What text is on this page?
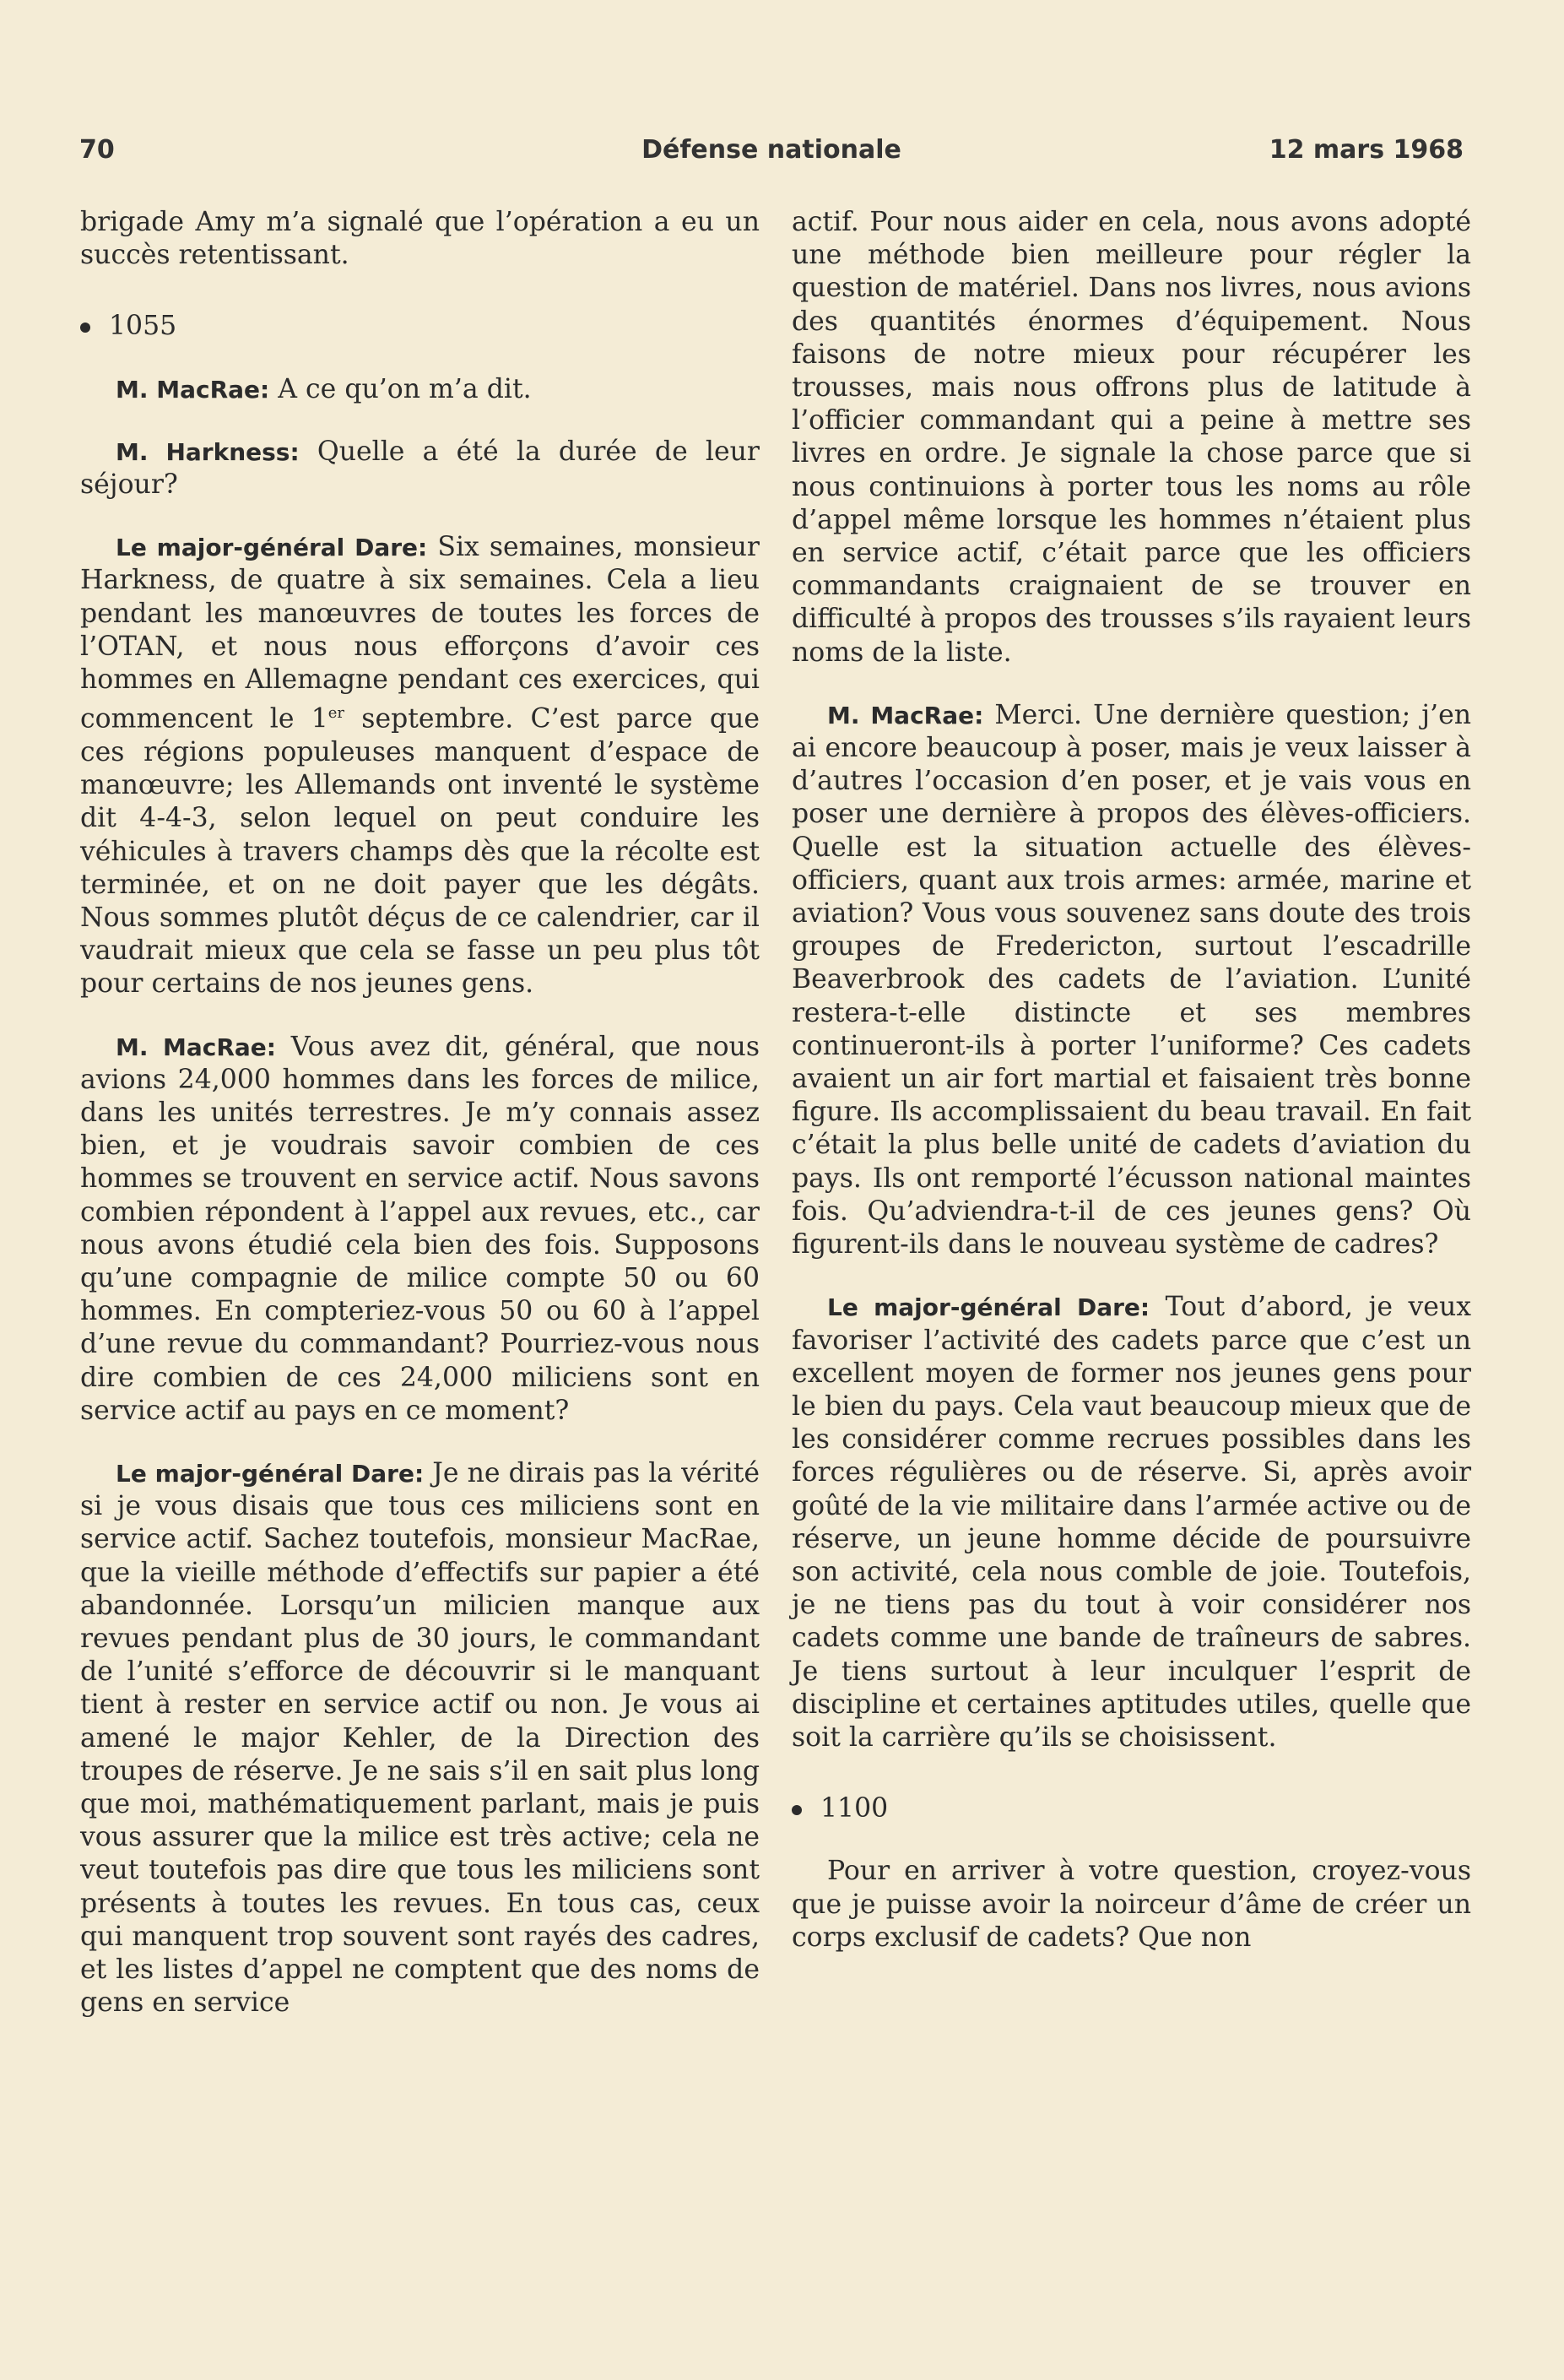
70	Défense nationale	12 mars 1968

brigade Amy m’a signalé que l’opération a eu un succès retentissant.

1055

M. MacRae: A ce qu’on m’a dit.

M. Harkness: Quelle a été la durée de leur séjour?

Le major-général Dare: Six semaines, monsieur Harkness, de quatre à six semaines. Cela a lieu pendant les manœuvres de toutes les forces de l’OTAN, et nous nous efforçons d’avoir ces hommes en Allemagne pendant ces exercices, qui commencent le 1er septembre. C’est parce que ces régions populeuses manquent d’espace de manœuvre; les Allemands ont inventé le système dit 4-4-3, selon lequel on peut conduire les véhicules à travers champs dès que la récolte est terminée, et on ne doit payer que les dégâts. Nous sommes plutôt déçus de ce calendrier, car il vaudrait mieux que cela se fasse un peu plus tôt pour certains de nos jeunes gens.

M. MacRae: Vous avez dit, général, que nous avions 24,000 hommes dans les forces de milice, dans les unités terrestres. Je m’y connais assez bien, et je voudrais savoir combien de ces hommes se trouvent en service actif. Nous savons combien répondent à l’appel aux revues, etc., car nous avons étudié cela bien des fois. Supposons qu’une compagnie de milice compte 50 ou 60 hommes. En compteriez-vous 50 ou 60 à l’appel d’une revue du commandant? Pourriez-vous nous dire combien de ces 24,000 miliciens sont en service actif au pays en ce moment?

Le major-général Dare: Je ne dirais pas la vérité si je vous disais que tous ces miliciens sont en service actif. Sachez toutefois, monsieur MacRae, que la vieille méthode d’effectifs sur papier a été abandonnée. Lorsqu’un milicien manque aux revues pendant plus de 30 jours, le commandant de l’unité s’efforce de découvrir si le manquant tient à rester en service actif ou non. Je vous ai amené le major Kehler, de la Direction des troupes de réserve. Je ne sais s’il en sait plus long que moi, mathématiquement parlant, mais je puis vous assurer que la milice est très active; cela ne veut toutefois pas dire que tous les miliciens sont présents à toutes les revues. En tous cas, ceux qui manquent trop souvent sont rayés des cadres, et les listes d’appel ne comptent que des noms de gens en service

actif. Pour nous aider en cela, nous avons adopté une méthode bien meilleure pour régler la question de matériel. Dans nos livres, nous avions des quantités énormes d’équipement. Nous faisons de notre mieux pour récupérer les trousses, mais nous offrons plus de latitude à l’officier commandant qui a peine à mettre ses livres en ordre. Je signale la chose parce que si nous continuions à porter tous les noms au rôle d’appel même lorsque les hommes n’étaient plus en service actif, c’était parce que les officiers commandants craignaient de se trouver en difficulté à propos des trousses s’ils rayaient leurs noms de la liste.

M. MacRae: Merci. Une dernière question; j’en ai encore beaucoup à poser, mais je veux laisser à d’autres l’occasion d’en poser, et je vais vous en poser une dernière à propos des élèves-officiers. Quelle est la situation actuelle des élèves-officiers, quant aux trois armes: armée, marine et aviation? Vous vous souvenez sans doute des trois groupes de Fredericton, surtout l’escadrille Beaverbrook des cadets de l’aviation. L’unité restera-t-elle distincte et ses membres continueront-ils à porter l’uniforme? Ces cadets avaient un air fort martial et faisaient très bonne figure. Ils accomplissaient du beau travail. En fait c’était la plus belle unité de cadets d’aviation du pays. Ils ont remporté l’écusson national maintes fois. Qu’adviendra-t-il de ces jeunes gens? Où figurent-ils dans le nouveau système de cadres?

Le major-général Dare: Tout d’abord, je veux favoriser l’activité des cadets parce que c’est un excellent moyen de former nos jeunes gens pour le bien du pays. Cela vaut beaucoup mieux que de les considérer comme recrues possibles dans les forces régulières ou de réserve. Si, après avoir goûté de la vie militaire dans l’armée active ou de réserve, un jeune homme décide de poursuivre son activité, cela nous comble de joie. Toutefois, je ne tiens pas du tout à voir considérer nos cadets comme une bande de traîneurs de sabres. Je tiens surtout à leur inculquer l’esprit de discipline et certaines aptitudes utiles, quelle que soit la carrière qu’ils se choisissent.

1100

Pour en arriver à votre question, croyez-vous que je puisse avoir la noirceur d’âme de créer un corps exclusif de cadets? Que non
